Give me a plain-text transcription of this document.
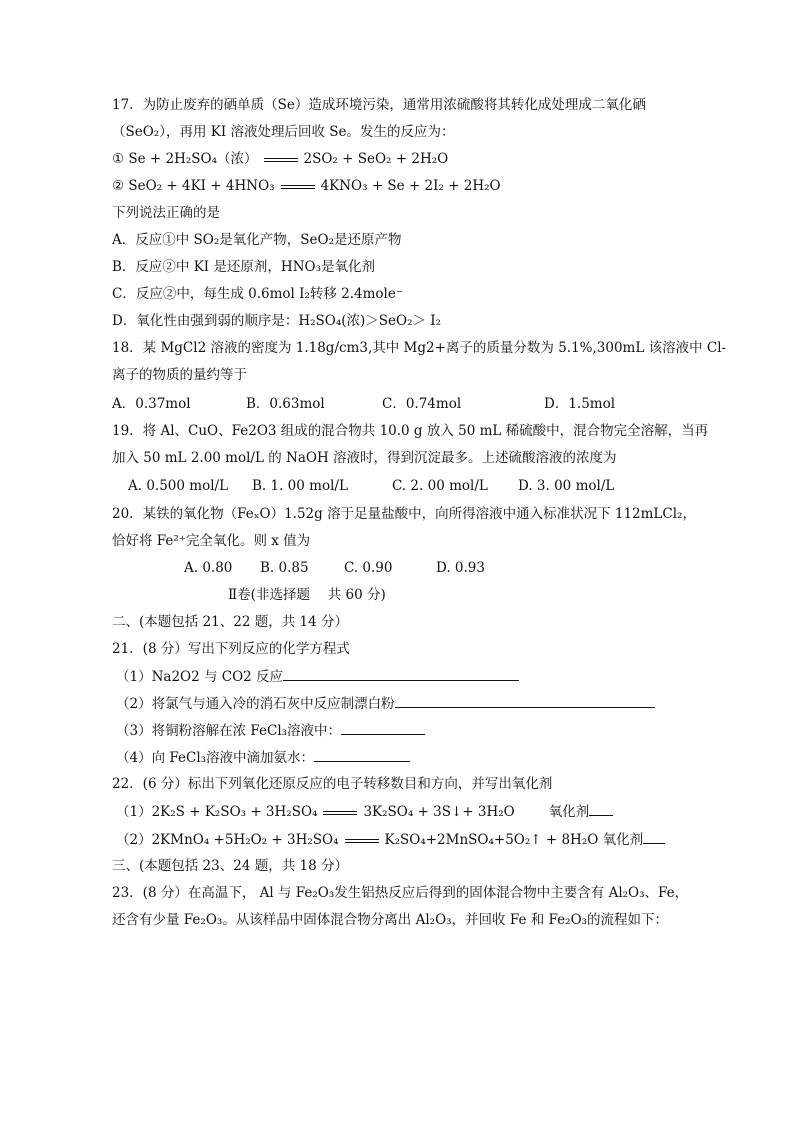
17．为防止废弃的硒单质（Se）造成环境污染，通常用浓硫酸将其转化成处理成二氧化硒
（SeO₂），再用 KI 溶液处理后回收 Se。发生的反应为：
① Se + 2H₂SO₄（浓）	2SO₂ + SeO₂ + 2H₂O
② SeO₂ + 4KI + 4HNO₃	4KNO₃ + Se + 2I₂ + 2H₂O
下列说法正确的是
A．反应①中 SO₂是氧化产物，SeO₂是还原产物
B．反应②中 KI 是还原剂，HNO₃是氧化剂
C．反应②中，每生成 0.6mol I₂转移 2.4mole⁻
D．氧化性由强到弱的顺序是：H₂SO₄(浓)＞SeO₂＞ I₂
18．某 MgCl2 溶液的密度为 1.18g/cm3,其中 Mg2+离子的质量分数为 5.1%,300mL 该溶液中 Cl-
离子的物质的量约等于
A．0.37mol	B．0.63mol	C．0.74mol	D．1.5mol
19．将 Al、CuO、Fe2O3 组成的混合物共 10.0 g 放入 50 mL 稀硫酸中，混合物完全溶解，当再
加入 50 mL 2.00 mol/L 的 NaOH 溶液时，得到沉淀最多。上述硫酸溶液的浓度为
A. 0.500 mol/L B. 1. 00 mol/L	C. 2. 00 mol/L D. 3. 00 mol/L
20．某铁的氧化物（FeₓO）1.52g 溶于足量盐酸中，向所得溶液中通入标准状况下 112mLCl₂，
恰好将 Fe²⁺完全氧化。则 x 值为
A. 0.80 B. 0.85	C. 0.90	D. 0.93
Ⅱ卷(非选择题　 共 60 分)
二、(本题包括 21、22 题，共 14 分）
21．(8 分）写出下列反应的化学方程式
（1）Na2O2 与 CO2 反应
（2）将氯气与通入冷的消石灰中反应制漂白粉
（3）将铜粉溶解在浓 FeCl₃溶液中：
（4）向 FeCl₃溶液中滴加氨水：
22．(6 分）标出下列氧化还原反应的电子转移数目和方向，并写出氧化剂
（1）2K₂S + K₂SO₃ + 3H₂SO₄	3K₂SO₄ + 3S↓+ 3H₂O	氧化剂
（2）2KMnO₄ +5H₂O₂ + 3H₂SO₄	K₂SO₄+2MnSO₄+5O₂↑ + 8H₂O 氧化剂
三、(本题包括 23、24 题，共 18 分）
23．(8 分）在高温下， Al 与 Fe₂O₃发生铝热反应后得到的固体混合物中主要含有 Al₂O₃、Fe，
还含有少量 Fe₂O₃。从该样品中固体混合物分离出 Al₂O₃，并回收 Fe 和 Fe₂O₃的流程如下：
